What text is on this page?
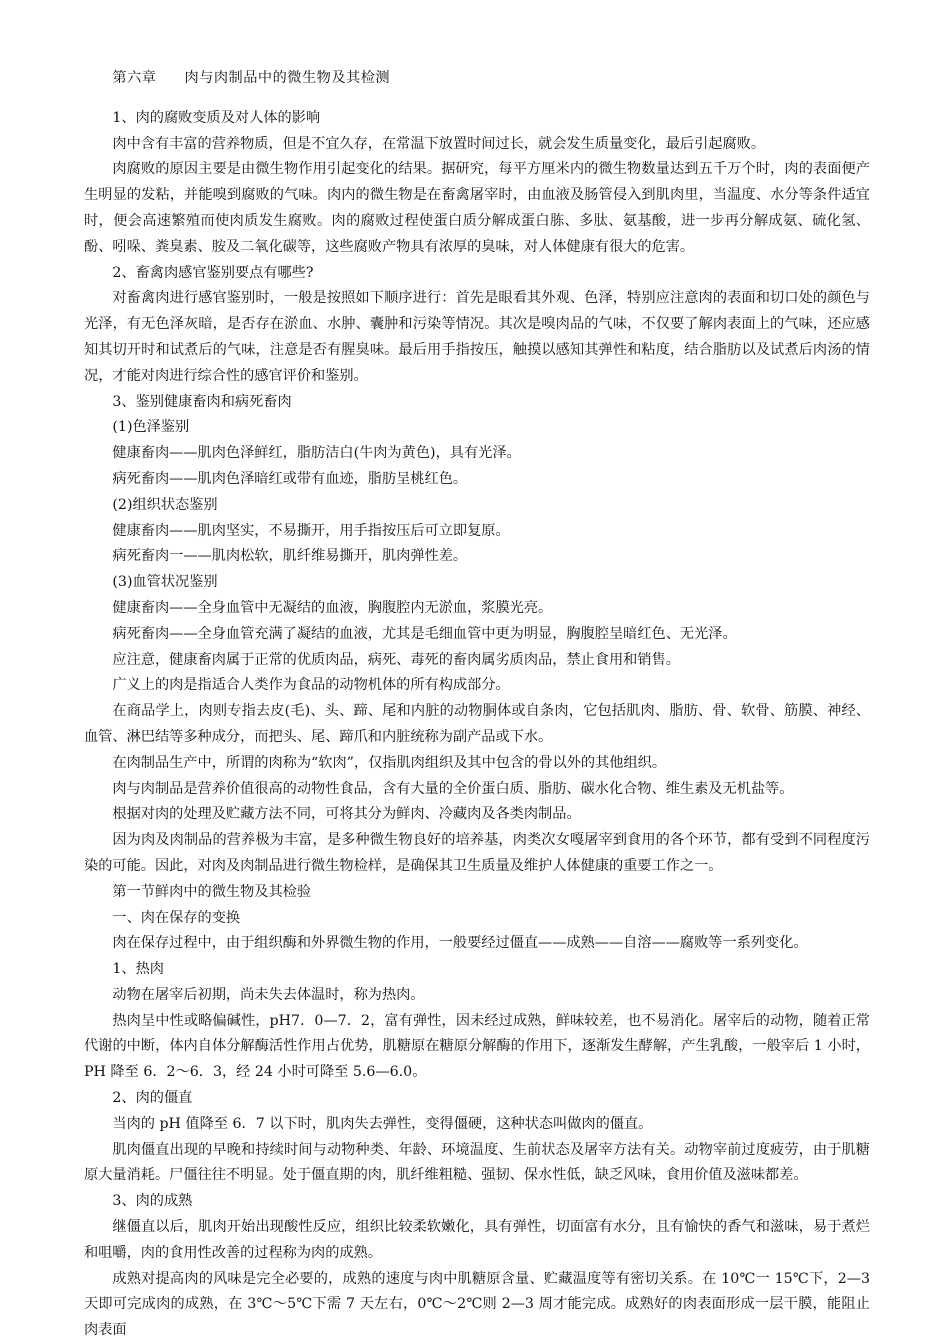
第六章 肉与肉制品中的微生物及其检测

1、肉的腐败变质及对人体的影响

肉中含有丰富的营养物质，但是不宜久存，在常温下放置时间过长，就会发生质量变化，最后引起腐败。

肉腐败的原因主要是由微生物作用引起变化的结果。据研究，每平方厘米内的微生物数量达到五千万个时，肉的表面便产生明显的发粘，并能嗅到腐败的气味。肉内的微生物是在畜禽屠宰时，由血液及肠管侵入到肌肉里，当温度、水分等条件适宜时，便会高速繁殖而使肉质发生腐败。肉的腐败过程使蛋白质分解成蛋白胨、多肽、氨基酸，进一步再分解成氨、硫化氢、酚、吲哚、粪臭素、胺及二氧化碳等，这些腐败产物具有浓厚的臭味，对人体健康有很大的危害。

2、畜禽肉感官鉴别要点有哪些?

对畜禽肉进行感官鉴别时，一般是按照如下顺序进行：首先是眼看其外观、色泽，特别应注意肉的表面和切口处的颜色与光泽，有无色泽灰暗，是否存在淤血、水肿、囊肿和污染等情况。其次是嗅肉品的气味，不仅要了解肉表面上的气味，还应感知其切开时和试煮后的气味，注意是否有腥臭味。最后用手指按压，触摸以感知其弹性和粘度，结合脂肪以及试煮后肉汤的情况，才能对肉进行综合性的感官评价和鉴别。

3、鉴别健康畜肉和病死畜肉

(1)色泽鉴别

健康畜肉——肌肉色泽鲜红，脂肪洁白(牛肉为黄色)，具有光泽。

病死畜肉——肌肉色泽暗红或带有血迹，脂肪呈桃红色。

(2)组织状态鉴别

健康畜肉——肌肉坚实，不易撕开，用手指按压后可立即复原。

病死畜肉一——肌肉松软，肌纤维易撕开，肌肉弹性差。

(3)血管状况鉴别

健康畜肉——全身血管中无凝结的血液，胸腹腔内无淤血，浆膜光亮。

病死畜肉——全身血管充满了凝结的血液，尤其是毛细血管中更为明显，胸腹腔呈暗红色、无光泽。

应注意，健康畜肉属于正常的优质肉品，病死、毒死的畜肉属劣质肉品，禁止食用和销售。

广义上的肉是指适合人类作为食品的动物机体的所有构成部分。

在商品学上，肉则专指去皮(毛)、头、蹄、尾和内脏的动物胴体或自条肉，它包括肌肉、脂肪、骨、软骨、筋膜、神经、血管、淋巴结等多种成分，而把头、尾、蹄爪和内脏统称为副产品或下水。

在肉制品生产中，所谓的肉称为“软肉”，仅指肌肉组织及其中包含的骨以外的其他组织。

肉与肉制品是营养价值很高的动物性食品，含有大量的全价蛋白质、脂肪、碳水化合物、维生素及无机盐等。

根据对肉的处理及贮藏方法不同，可将其分为鲜肉、冷藏肉及各类肉制品。

因为肉及肉制品的营养极为丰富，是多种微生物良好的培养基，肉类次女嘎屠宰到食用的各个环节，都有受到不同程度污染的可能。因此，对肉及肉制品进行微生物检样，是确保其卫生质量及维护人体健康的重要工作之一。

第一节鲜肉中的微生物及其检验

一、肉在保存的变换

肉在保存过程中，由于组织酶和外界微生物的作用，一般要经过僵直——成熟——自溶——腐败等一系列变化。

1、热肉

动物在屠宰后初期，尚未失去体温时，称为热肉。

热肉呈中性或略偏碱性，pH7．0—7．2，富有弹性，因未经过成熟，鲜味较差，也不易消化。屠宰后的动物，随着正常代谢的中断，体内自体分解酶活性作用占优势，肌糖原在糖原分解酶的作用下，逐渐发生酵解，产生乳酸，一般宰后 1 小时，PH 降至 6．2～6．3，经 24 小时可降至 5.6—6.0。

2、肉的僵直

当肉的 pH 值降至 6．7 以下时，肌肉失去弹性，变得僵硬，这种状态叫做肉的僵直。

肌肉僵直出现的早晚和持续时间与动物种类、年龄、环境温度、生前状态及屠宰方法有关。动物宰前过度疲劳，由于肌糖原大量消耗。尸僵往往不明显。处于僵直期的肉，肌纤维粗糙、强韧、保水性低，缺乏风味，食用价值及滋味都差。

3、肉的成熟

继僵直以后，肌肉开始出现酸性反应，组织比较柔软嫩化，具有弹性，切面富有水分，且有愉快的香气和滋味，易于煮烂和咀嚼，肉的食用性改善的过程称为肉的成熟。

成熟对提高肉的风味是完全必要的，成熟的速度与肉中肌糖原含量、贮藏温度等有密切关系。在 10℃一 15℃下，2—3 天即可完成肉的成熟，在 3℃～5℃下需 7 天左右，0℃～2℃则 2—3 周才能完成。成熟好的肉表面形成一层干膜，能阻止肉表面
